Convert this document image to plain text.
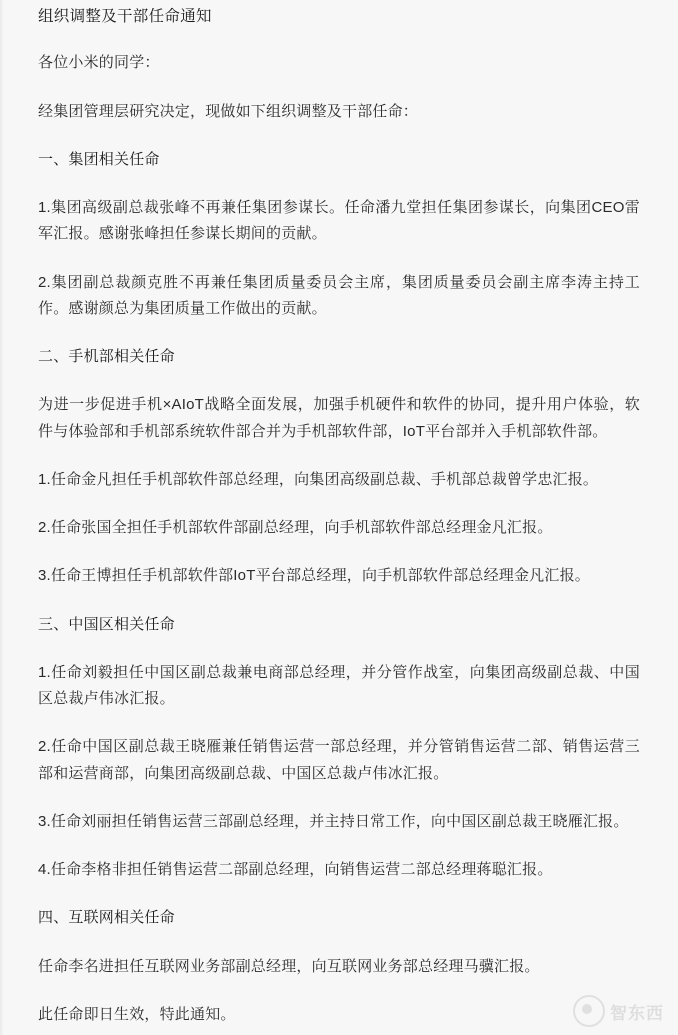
组织调整及干部任命通知
各位小米的同学：
经集团管理层研究决定，现做如下组织调整及干部任命：
一、集团相关任命
1.集团高级副总裁张峰不再兼任集团参谋长。任命潘九堂担任集团参谋长，向集团CEO雷军汇报。感谢张峰担任参谋长期间的贡献。
2.集团副总裁颜克胜不再兼任集团质量委员会主席，集团质量委员会副主席李涛主持工作。感谢颜总为集团质量工作做出的贡献。
二、手机部相关任命
为进一步促进手机×AIoT战略全面发展，加强手机硬件和软件的协同，提升用户体验，软件与体验部和手机部系统软件部合并为手机部软件部，IoT平台部并入手机部软件部。
1.任命金凡担任手机部软件部总经理，向集团高级副总裁、手机部总裁曾学忠汇报。
2.任命张国全担任手机部软件部副总经理，向手机部软件部总经理金凡汇报。
3.任命王博担任手机部软件部IoT平台部总经理，向手机部软件部总经理金凡汇报。
三、中国区相关任命
1.任命刘毅担任中国区副总裁兼电商部总经理，并分管作战室，向集团高级副总裁、中国区总裁卢伟冰汇报。
2.任命中国区副总裁王晓雁兼任销售运营一部总经理，并分管销售运营二部、销售运营三部和运营商部，向集团高级副总裁、中国区总裁卢伟冰汇报。
3.任命刘丽担任销售运营三部副总经理，并主持日常工作，向中国区副总裁王晓雁汇报。
4.任命李格非担任销售运营二部副总经理，向销售运营二部总经理蒋聪汇报。
四、互联网相关任命
任命李名进担任互联网业务部副总经理，向互联网业务部总经理马骥汇报。
此任命即日生效，特此通知。	智东西
